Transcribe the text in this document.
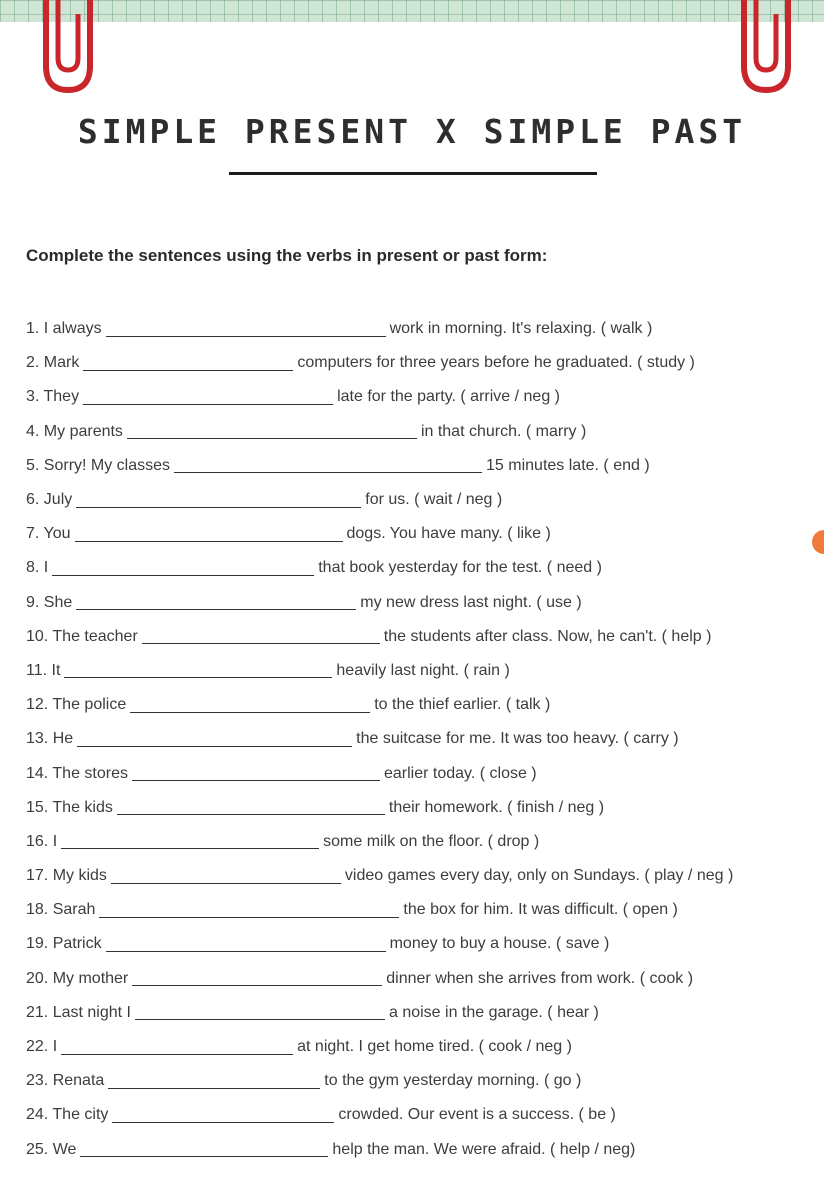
SIMPLE PRESENT X SIMPLE PAST
Complete the sentences using the verbs in present or past form:
1. I always	work in morning. It's relaxing. ( walk )
2. Mark	computers for three years before he graduated. ( study )
3. They	late for the party. ( arrive / neg )
4. My parents	in that church. ( marry )
5. Sorry! My classes	15 minutes late. ( end )
6. July	for us. ( wait / neg )
7. You	dogs. You have many. ( like )
8. I	that book yesterday for the test. ( need )
9. She	my new dress last night. ( use )
10. The teacher	the students after class. Now, he can't. ( help )
11. It	heavily last night. ( rain )
12. The police	to the thief earlier. ( talk )
13. He	the suitcase for me. It was too heavy. ( carry )
14. The stores	earlier today. ( close )
15. The kids	their homework. ( finish / neg )
16. I	some milk on the floor. ( drop )
17. My kids	video games every day, only on Sundays. ( play / neg )
18. Sarah	the box for him. It was difficult. ( open )
19. Patrick	money to buy a house. ( save )
20. My mother	dinner when she arrives from work. ( cook )
21. Last night I	a noise in the garage. ( hear )
22. I	at night. I get home tired. ( cook / neg )
23. Renata	to the gym yesterday morning. ( go )
24. The city	crowded. Our event is a success. ( be )
25. We	help the man. We were afraid. ( help / neg)
